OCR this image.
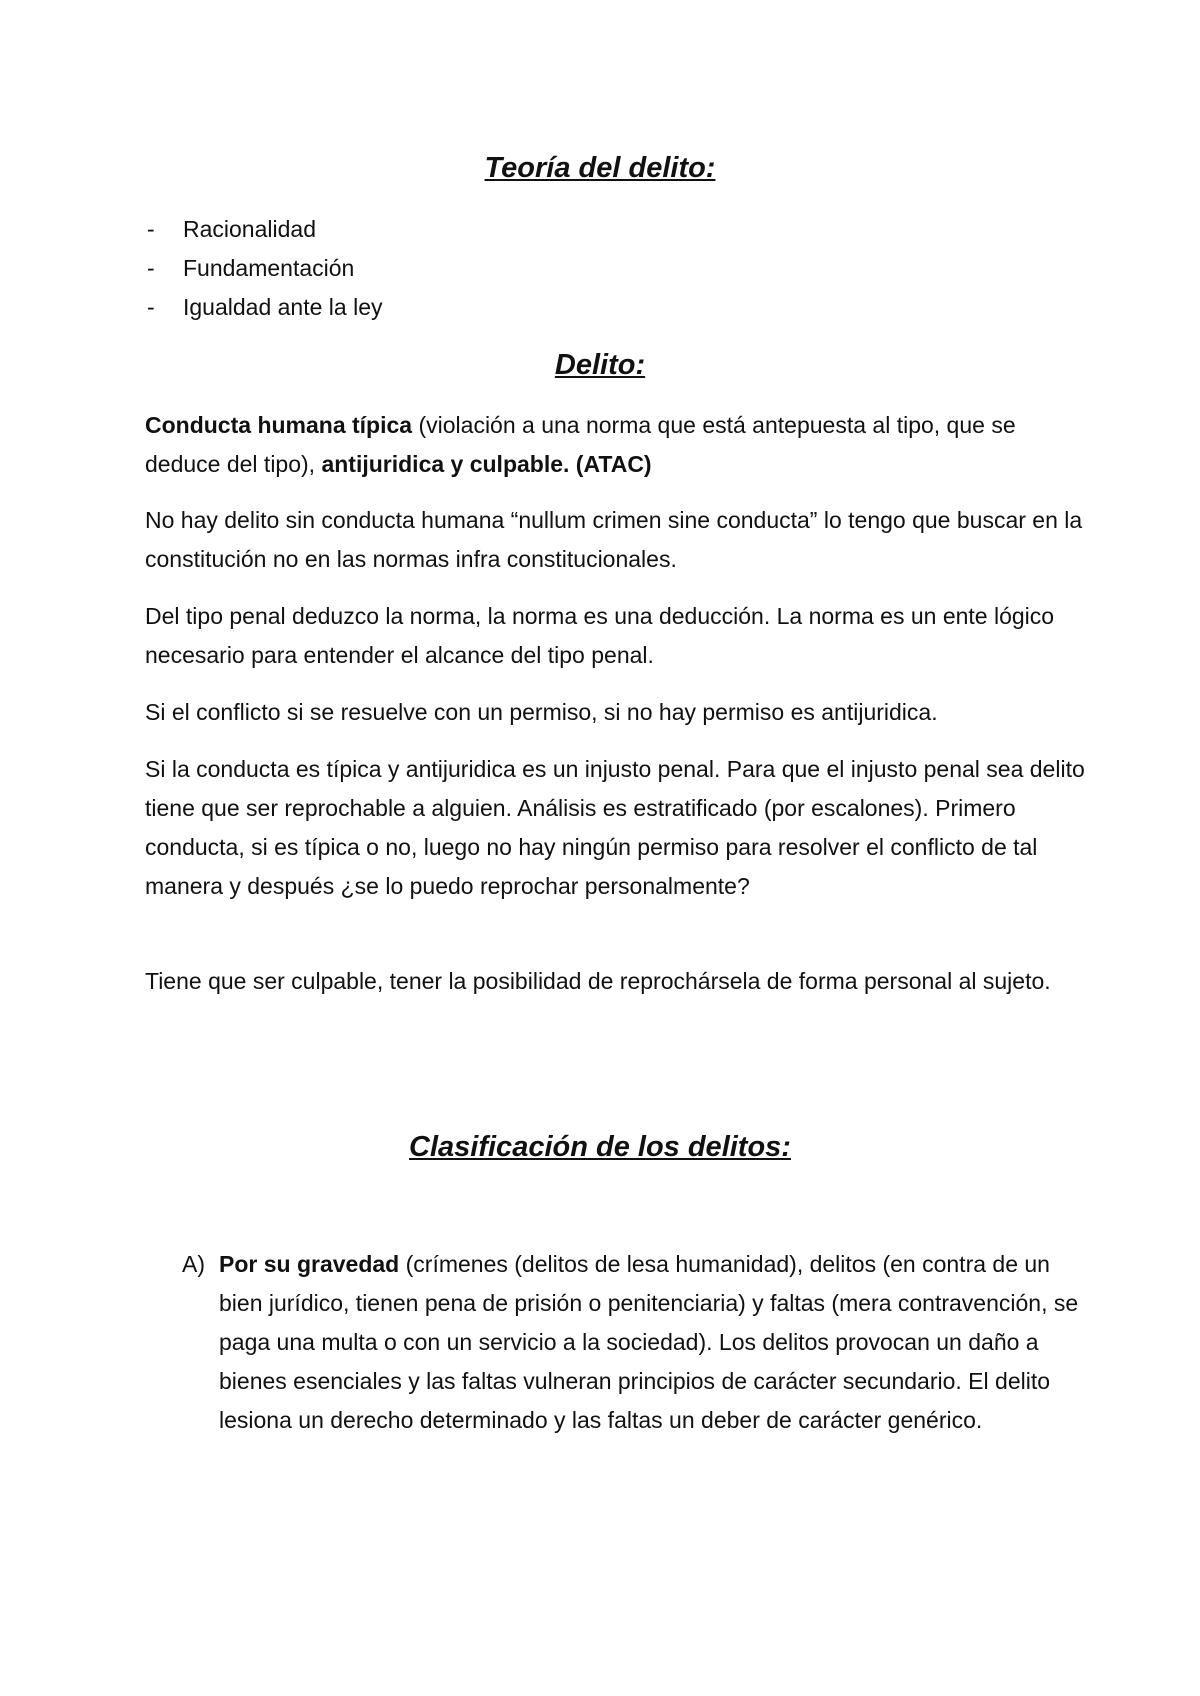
Teoría del delito:
- Racionalidad
- Fundamentación
- Igualdad ante la ley
Delito:

Conducta humana típica (violación a una norma que está antepuesta al tipo, que se deduce del tipo), antijuridica y culpable. (ATAC)

No hay delito sin conducta humana “nullum crimen sine conducta” lo tengo que buscar en la constitución no en las normas infra constitucionales.

Del tipo penal deduzco la norma, la norma es una deducción. La norma es un ente lógico necesario para entender el alcance del tipo penal.

Si el conflicto si se resuelve con un permiso, si no hay permiso es antijuridica.

Si la conducta es típica y antijuridica es un injusto penal. Para que el injusto penal sea delito tiene que ser reprochable a alguien. Análisis es estratificado (por escalones). Primero conducta, si es típica o no, luego no hay ningún permiso para resolver el conflicto de tal manera y después ¿se lo puedo reprochar personalmente?

Tiene que ser culpable, tener la posibilidad de reprochársela de forma personal al sujeto.

Clasificación de los delitos:
A) Por su gravedad (crímenes (delitos de lesa humanidad), delitos (en contra de un bien jurídico, tienen pena de prisión o penitenciaria) y faltas (mera contravención, se paga una multa o con un servicio a la sociedad). Los delitos provocan un daño a bienes esenciales y las faltas vulneran principios de carácter secundario. El delito lesiona un derecho determinado y las faltas un deber de carácter genérico.
